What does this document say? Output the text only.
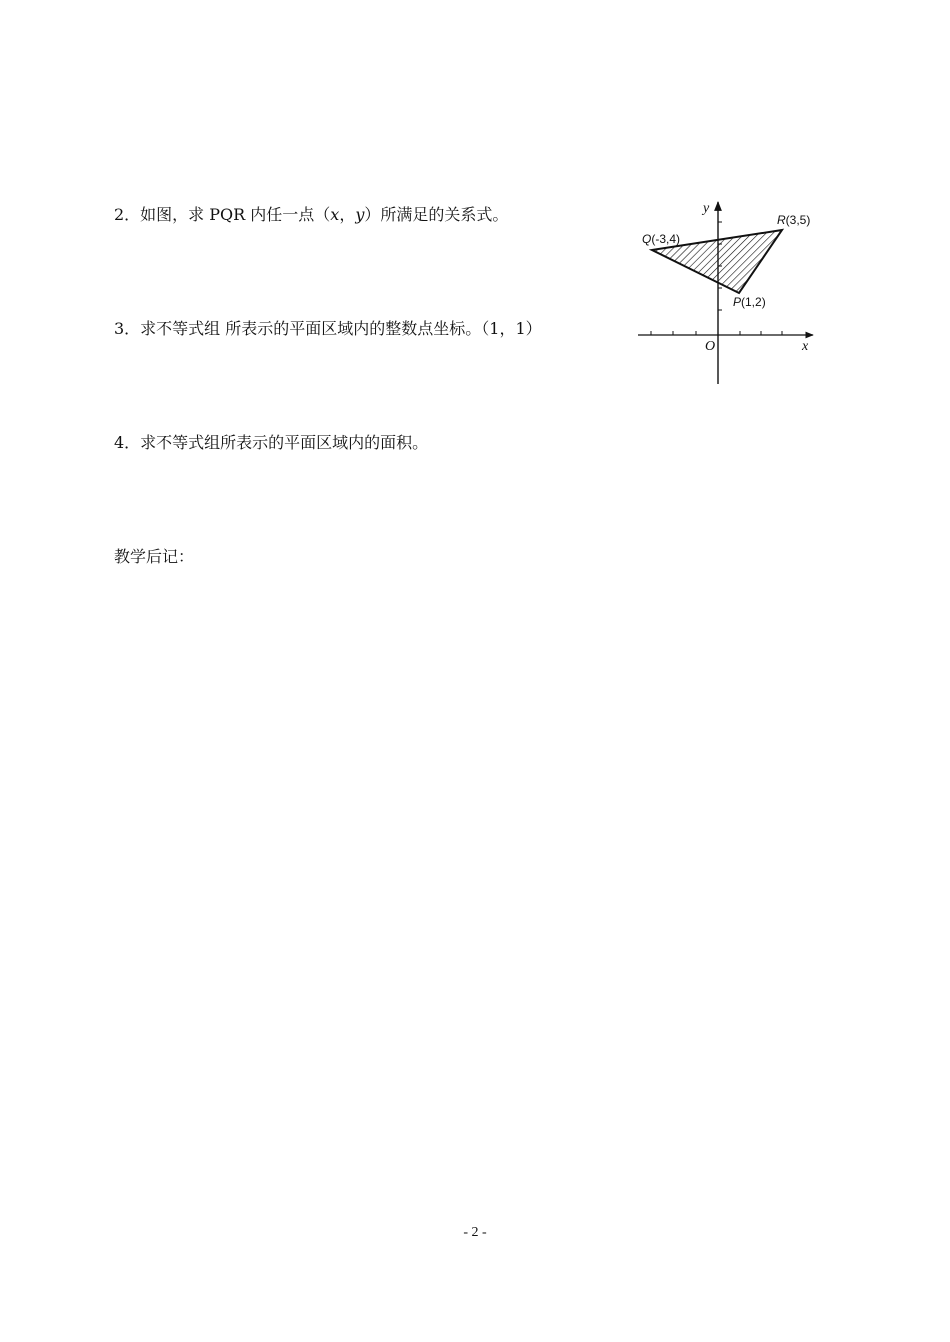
2．如图，求 PQR 内任一点（x，y）所满足的关系式。
3．求不等式组 所表示的平面区域内的整数点坐标。（1，1）
4．求不等式组所表示的平面区域内的面积。
教学后记：
y
x
O
Q(-3,4)
R(3,5)
P(1,2)
- 2 -
